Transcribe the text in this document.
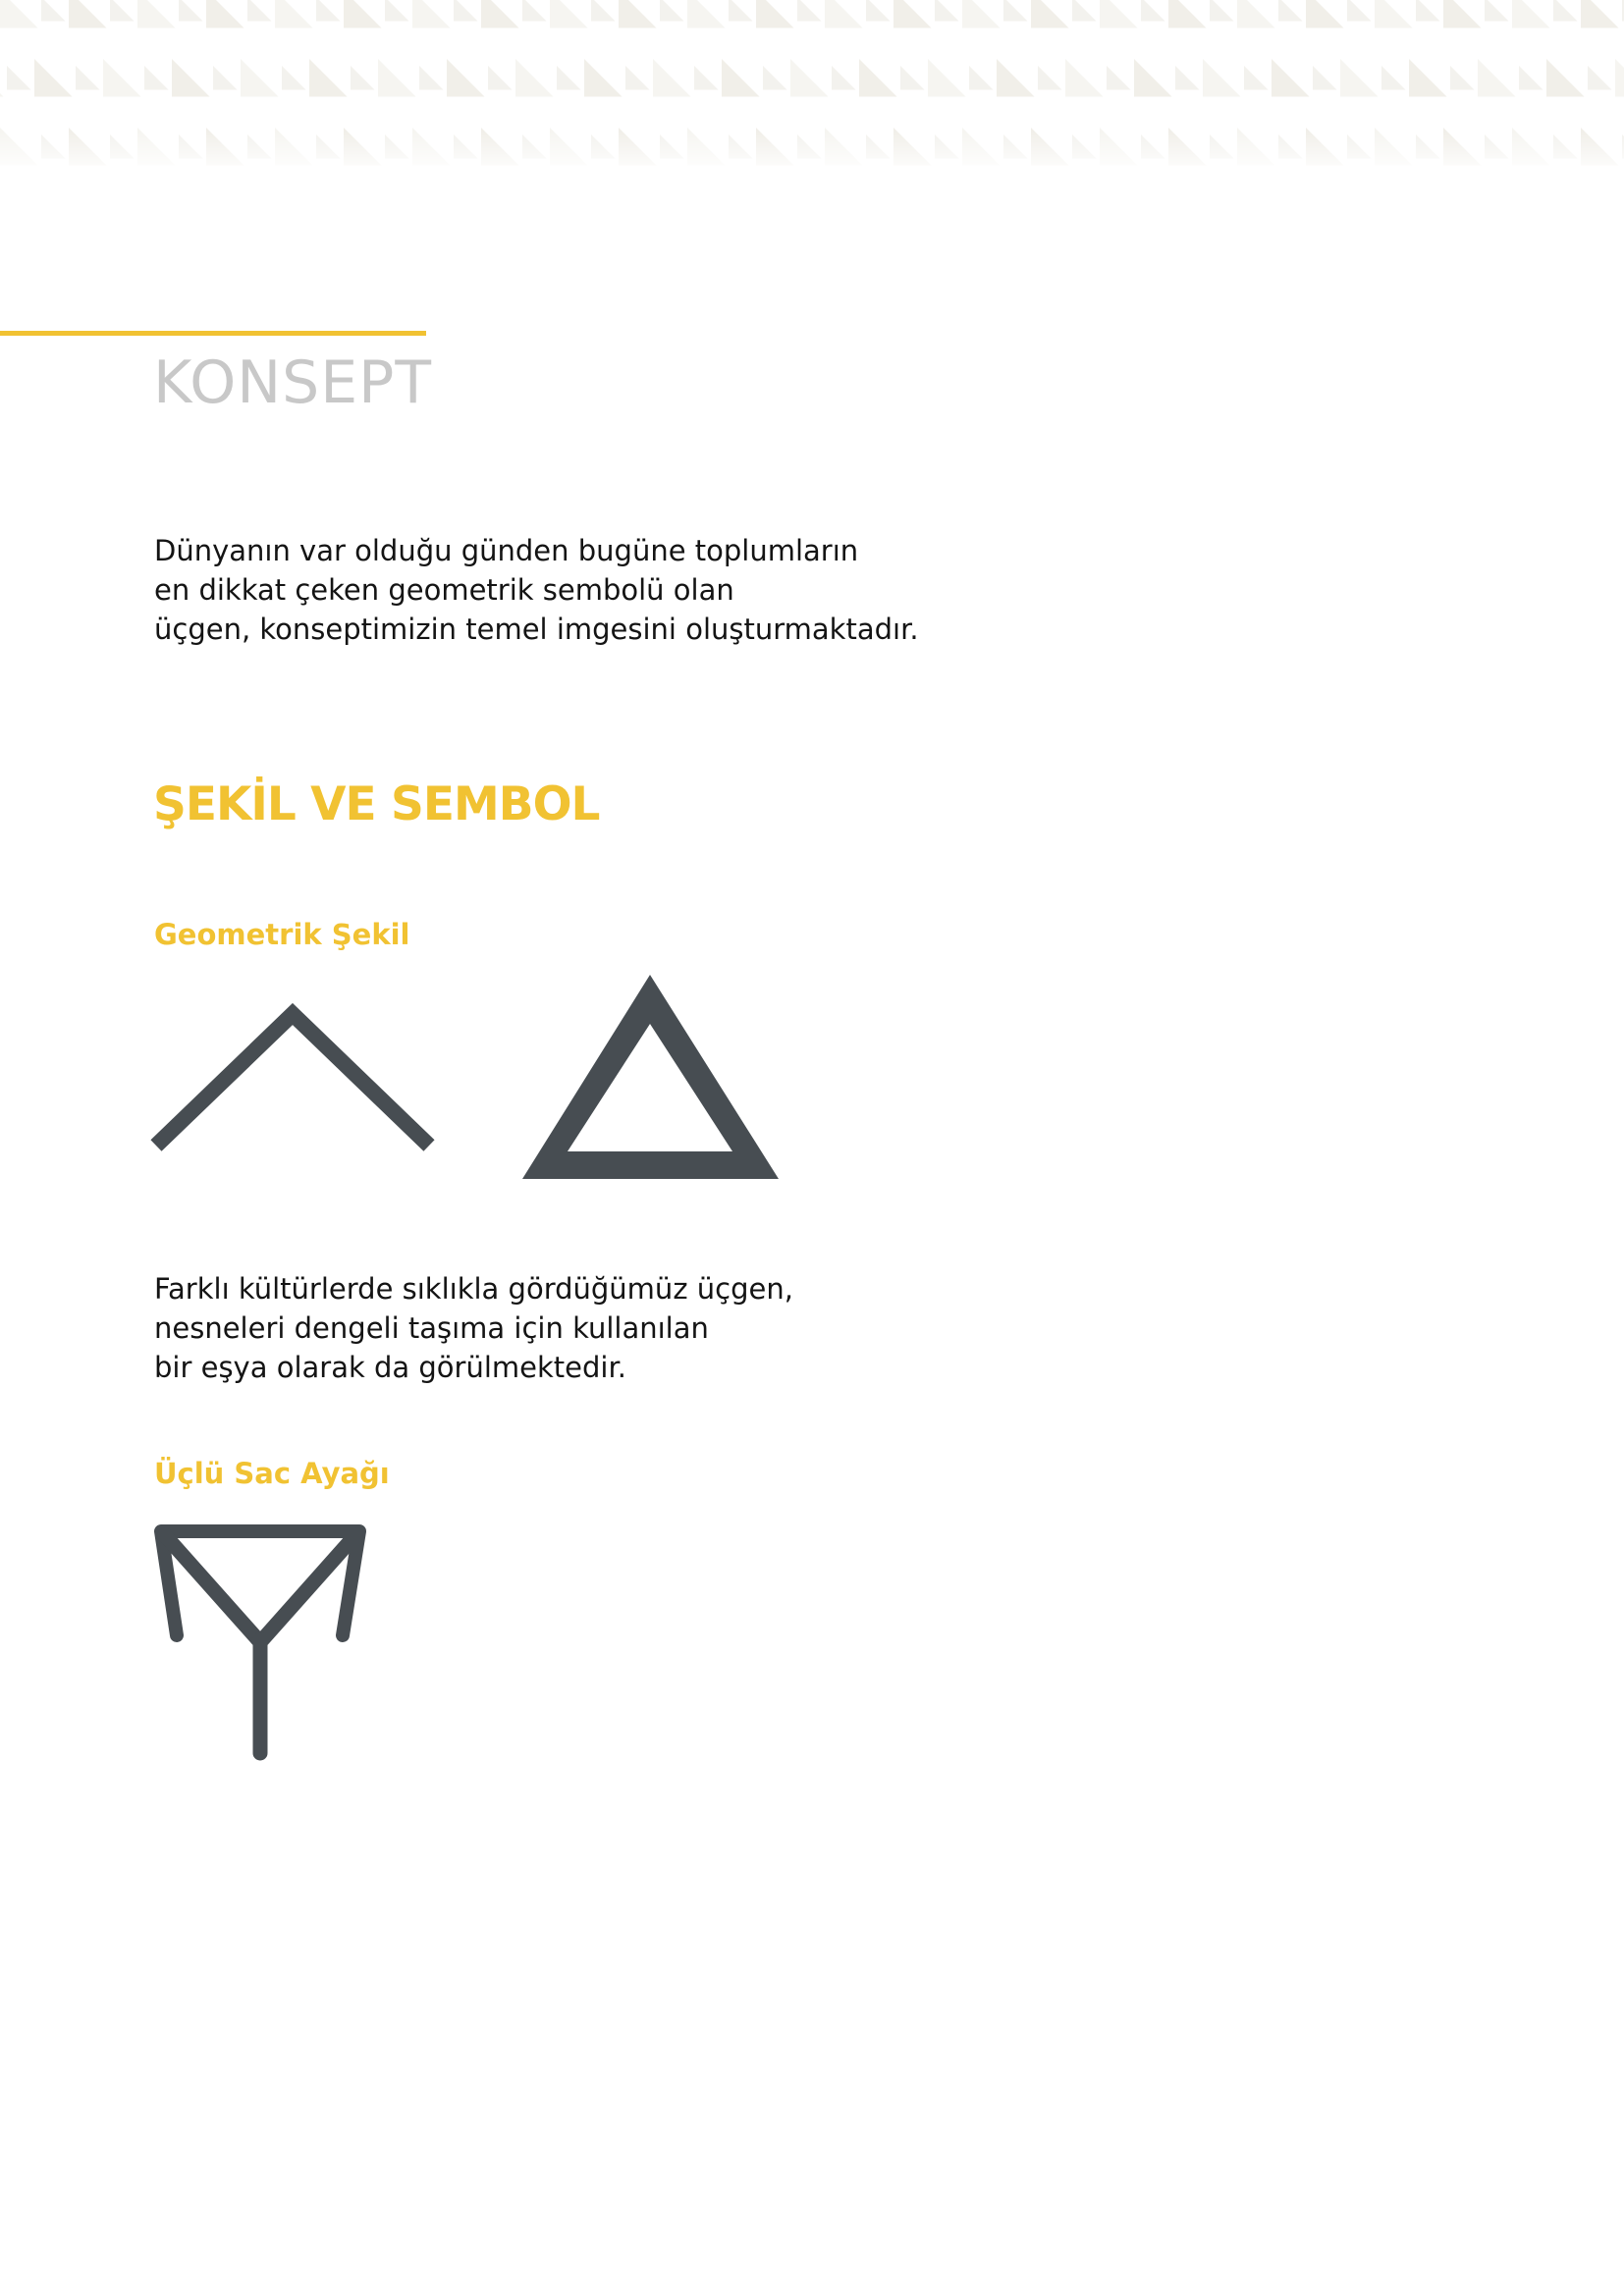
KONSEPT
Dünyanın var olduğu günden bugüne toplumların
en dikkat çeken geometrik sembolü olan
üçgen, konseptimizin temel imgesini oluşturmaktadır.
ŞEKİL VE SEMBOL
Geometrik Şekil
Farklı kültürlerde sıklıkla gördüğümüz üçgen,
nesneleri dengeli taşıma için kullanılan
bir eşya olarak da görülmektedir.
Üçlü Sac Ayağı
